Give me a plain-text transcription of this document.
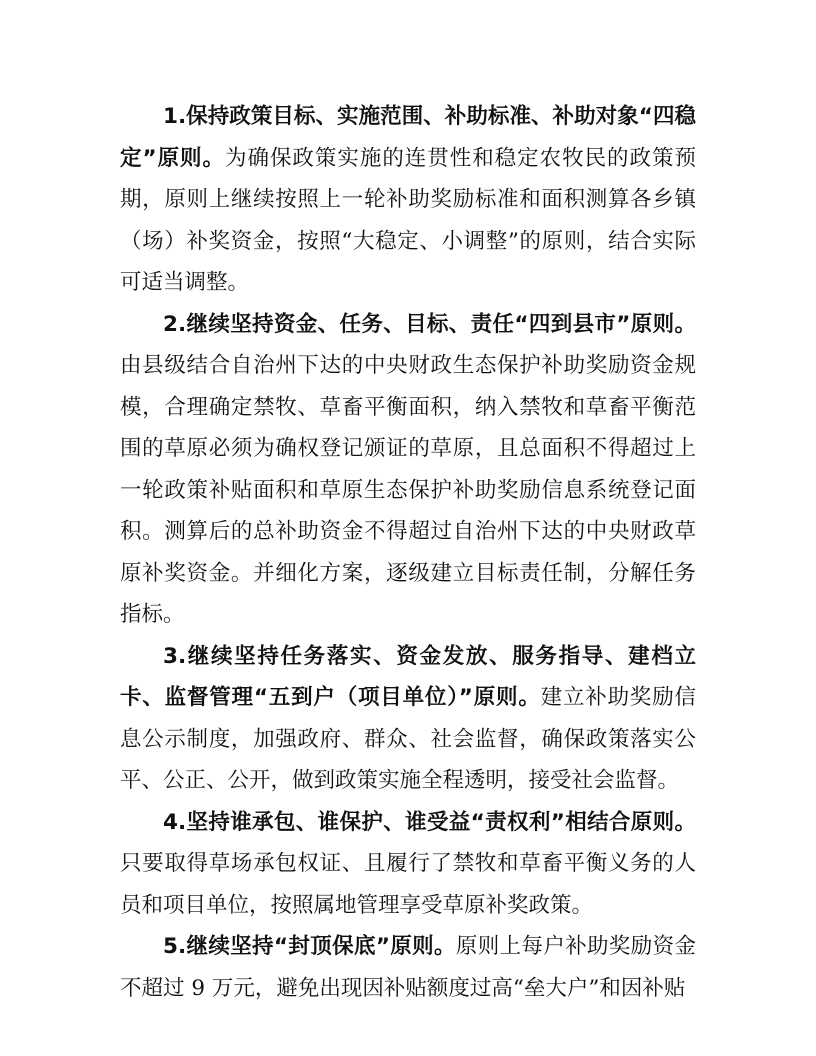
1.保持政策目标、实施范围、补助标准、补助对象“四稳定”原则。为确保政策实施的连贯性和稳定农牧民的政策预期，原则上继续按照上一轮补助奖励标准和面积测算各乡镇（场）补奖资金，按照“大稳定、小调整”的原则，结合实际可适当调整。

2.继续坚持资金、任务、目标、责任“四到县市”原则。由县级结合自治州下达的中央财政生态保护补助奖励资金规模，合理确定禁牧、草畜平衡面积，纳入禁牧和草畜平衡范围的草原必须为确权登记颁证的草原，且总面积不得超过上一轮政策补贴面积和草原生态保护补助奖励信息系统登记面积。测算后的总补助资金不得超过自治州下达的中央财政草原补奖资金。并细化方案，逐级建立目标责任制，分解任务指标。

3.继续坚持任务落实、资金发放、服务指导、建档立卡、监督管理“五到户（项目单位）”原则。建立补助奖励信息公示制度，加强政府、群众、社会监督，确保政策落实公平、公正、公开，做到政策实施全程透明，接受社会监督。

4.坚持谁承包、谁保护、谁受益“责权利”相结合原则。只要取得草场承包权证、且履行了禁牧和草畜平衡义务的人员和项目单位，按照属地管理享受草原补奖政策。

5.继续坚持“封顶保底”原则。原则上每户补助奖励资金不超过 9 万元，避免出现因补贴额度过高“垒大户”和因补贴
